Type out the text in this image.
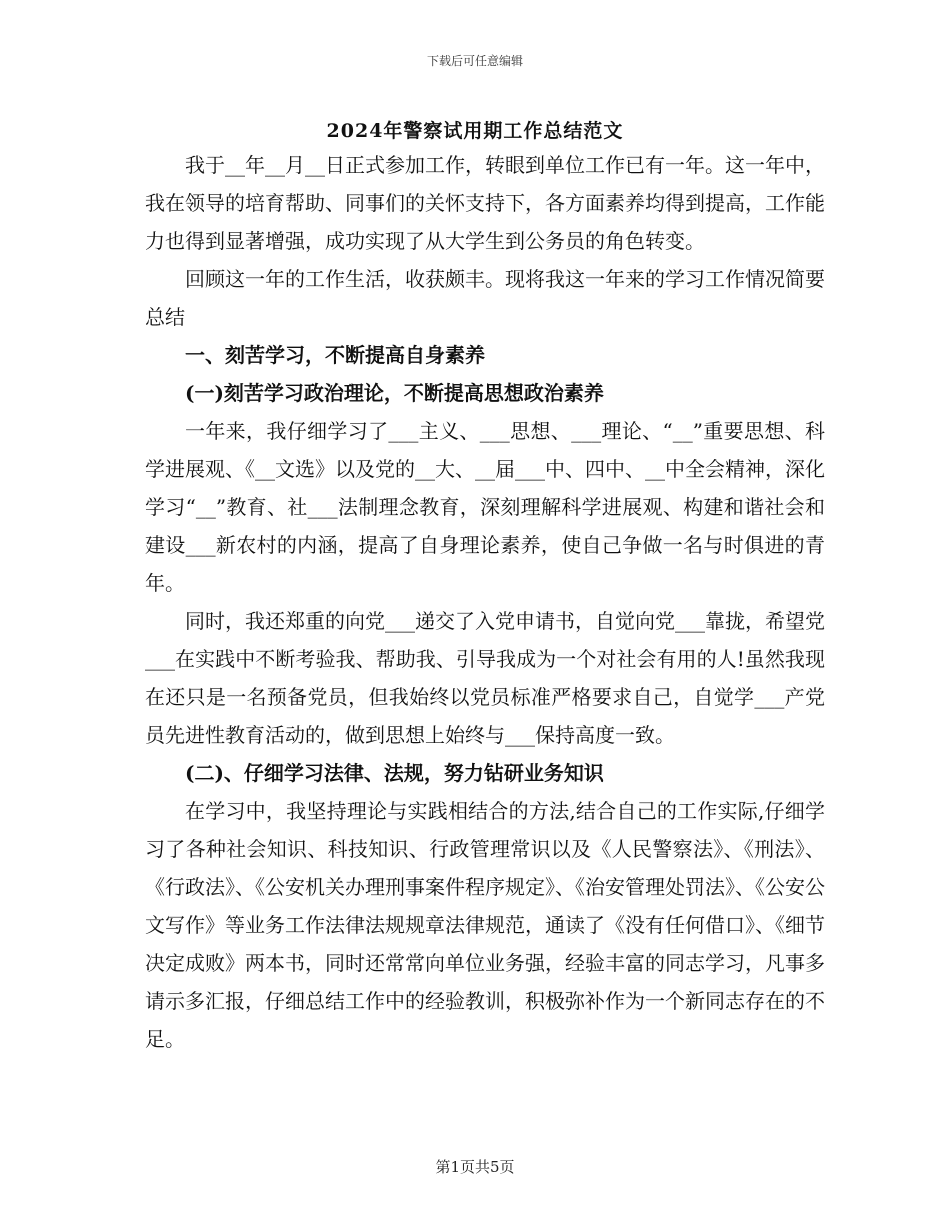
下载后可任意编辑
2024年警察试用期工作总结范文

我于__年__月__日正式参加工作，转眼到单位工作已有一年。这一年中，我在领导的培育帮助、同事们的关怀支持下，各方面素养均得到提高，工作能力也得到显著增强，成功实现了从大学生到公务员的角色转变。

回顾这一年的工作生活，收获颇丰。现将我这一年来的学习工作情况简要总结

一、刻苦学习，不断提高自身素养

(一)刻苦学习政治理论，不断提高思想政治素养

一年来，我仔细学习了___主义、___思想、___理论、“__”重要思想、科学进展观、《__文选》以及党的__大、__届___中、四中、__中全会精神，深化学习“__”教育、社___法制理念教育，深刻理解科学进展观、构建和谐社会和建设___新农村的内涵，提高了自身理论素养，使自己争做一名与时俱进的青年。

同时，我还郑重的向党___递交了入党申请书，自觉向党___靠拢，希望党___在实践中不断考验我、帮助我、引导我成为一个对社会有用的人!虽然我现在还只是一名预备党员，但我始终以党员标准严格要求自己，自觉学___产党员先进性教育活动的，做到思想上始终与___保持高度一致。

(二)、仔细学习法律、法规，努力钻研业务知识

在学习中，我坚持理论与实践相结合的方法,结合自己的工作实际,仔细学习了各种社会知识、科技知识、行政管理常识以及《人民警察法》、《刑法》、《行政法》、《公安机关办理刑事案件程序规定》、《治安管理处罚法》、《公安公文写作》等业务工作法律法规规章法律规范，通读了《没有任何借口》、《细节决定成败》两本书，同时还常常向单位业务强，经验丰富的同志学习，凡事多请示多汇报，仔细总结工作中的经验教训，积极弥补作为一个新同志存在的不足。

第1页共5页
